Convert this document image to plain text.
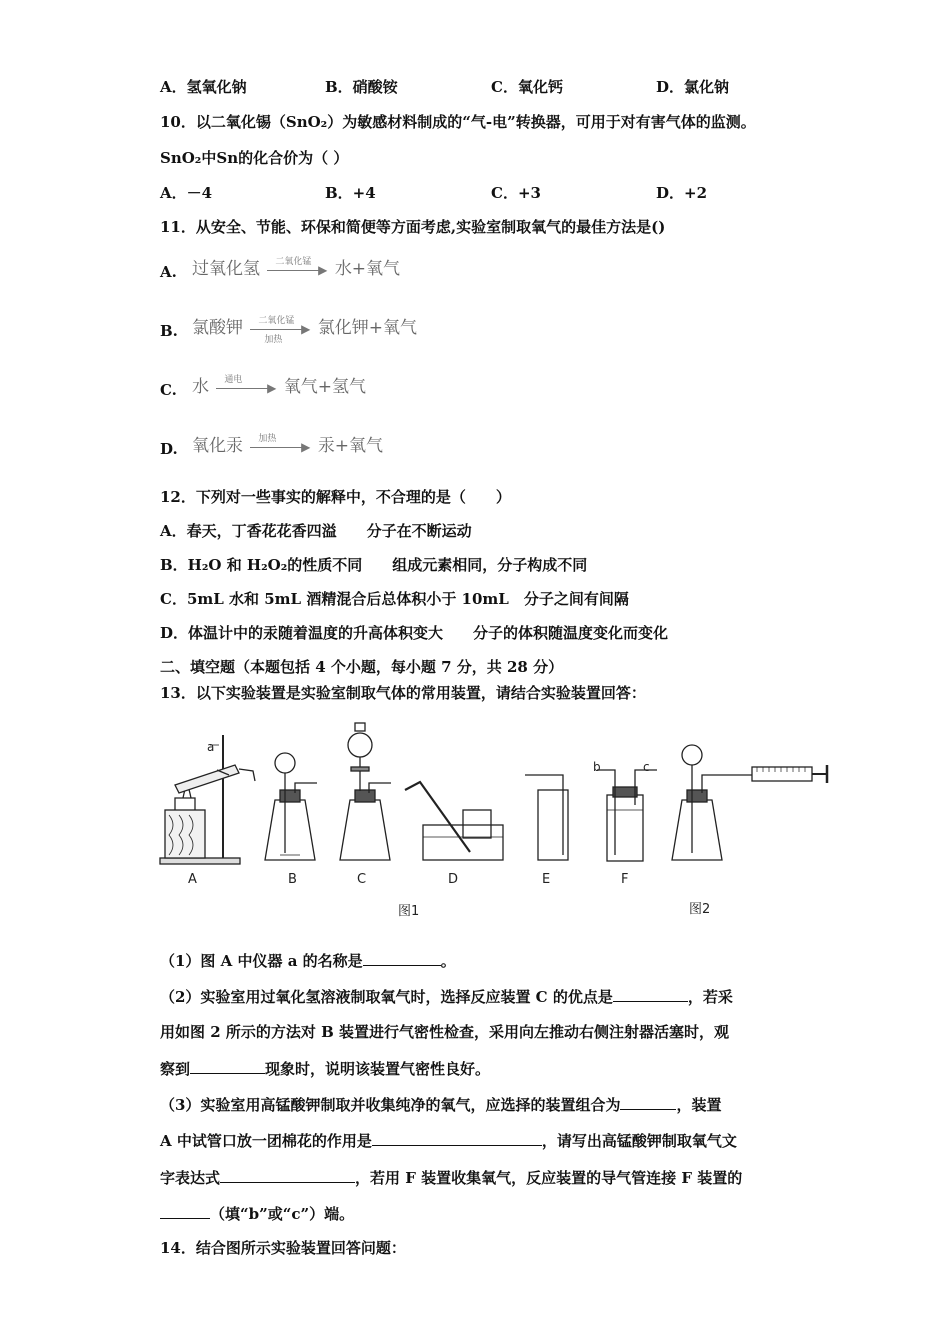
A．氢氧化钠	B．硝酸铵	C．氧化钙	D．氯化钠
10．以二氧化锡（SnO₂）为敏感材料制成的“气-电”转换器，可用于对有害气体的监测。
SnO₂中Sn的化合价为（ ）
A．－4	B．+4	C．+3	D．+2
11．从安全、节能、环保和简便等方面考虑,实验室制取氧气的最佳方法是()
A. 过氧化氢 二氧化锰
▶ 水+氧气
B. 氯酸钾 二氧化锰
▶
加热
氯化钾+氧气
C. 水 通电
▶ 氧气+氢气
D. 氧化汞 加热
▶ 汞+氧气
12．下列对一些事实的解释中，不合理的是（　　）
A．春天，丁香花花香四溢　　分子在不断运动
B．H₂O 和 H₂O₂的性质不同　　组成元素相同，分子构成不同
C．5mL 水和 5mL 酒精混合后总体积小于 10mL　分子之间有间隔
D．体温计中的汞随着温度的升高体积变大　　分子的体积随温度变化而变化
二、填空题（本题包括 4 个小题，每小题 7 分，共 28 分）
13．以下实验装置是实验室制取气体的常用装置，请结合实验装置回答：
a
b	c
A	B	C	D	E	F
图1	图2
（1）图 A 中仪器 a 的名称是	。
（2）实验室用过氧化氢溶液制取氧气时，选择反应装置 C 的优点是	，若采
用如图 2 所示的方法对 B 装置进行气密性检查，采用向左推动右侧注射器活塞时，观
察到	现象时，说明该装置气密性良好。
（3）实验室用高锰酸钾制取并收集纯净的氧气，应选择的装置组合为	，装置
A 中试管口放一团棉花的作用是	，请写出高锰酸钾制取氧气文
字表达式	，若用 F 装置收集氧气，反应装置的导气管连接 F 装置的
（填“b”或“c”）端。
14．结合图所示实验装置回答问题：
